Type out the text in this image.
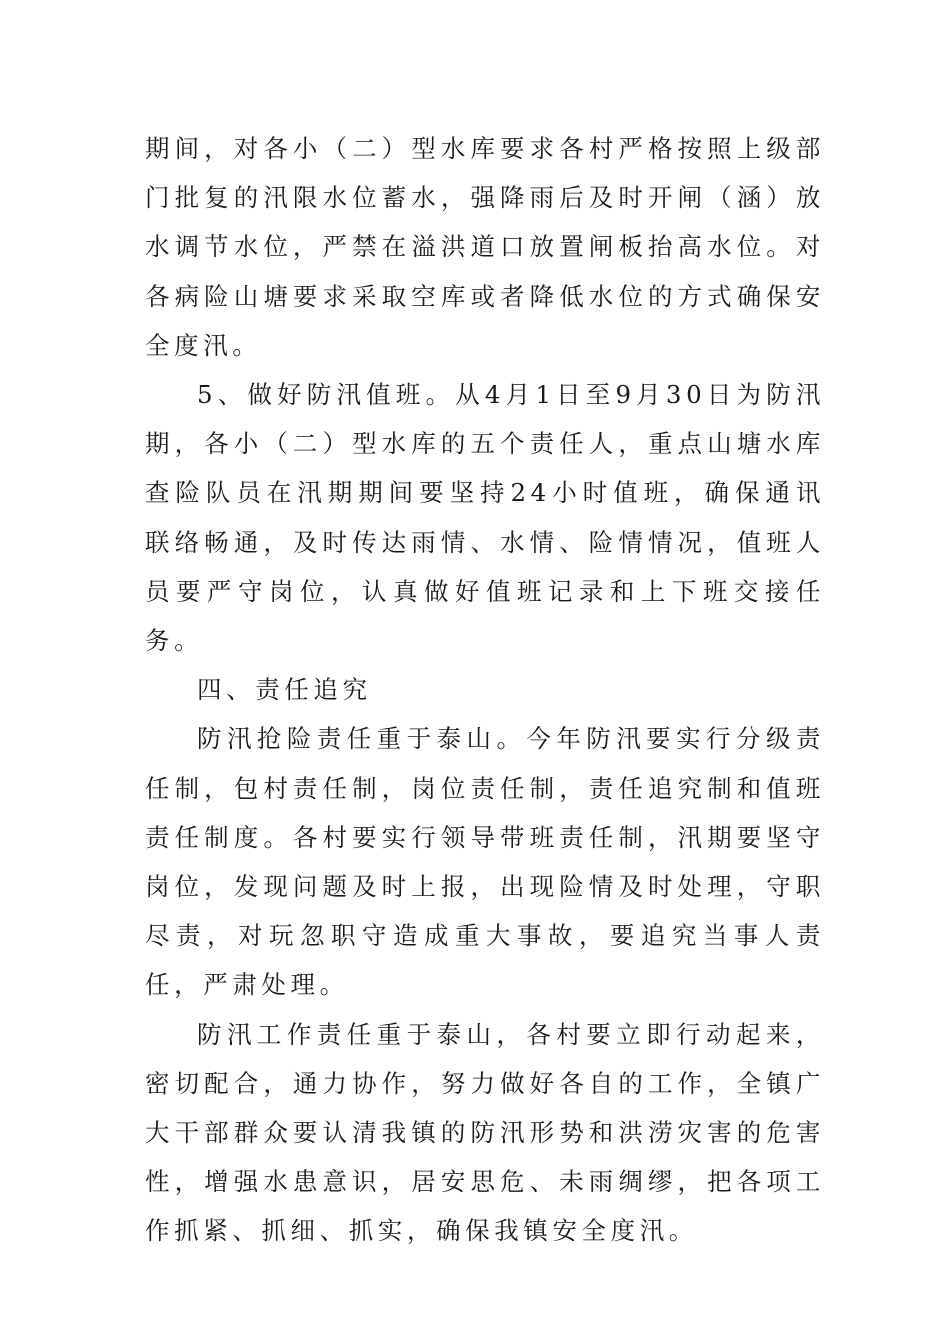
期间，对各小（二）型水库要求各村严格按照上级部门批复的汛限水位蓄水，强降雨后及时开闸（涵）放水调节水位，严禁在溢洪道口放置闸板抬高水位。对各病险山塘要求采取空库或者降低水位的方式确保安全度汛。

5、做好防汛值班。从4月1日至9月30日为防汛期，各小（二）型水库的五个责任人，重点山塘水库查险队员在汛期期间要坚持24小时值班，确保通讯联络畅通，及时传达雨情、水情、险情情况，值班人员要严守岗位，认真做好值班记录和上下班交接任务。

四、责任追究

防汛抢险责任重于泰山。今年防汛要实行分级责任制，包村责任制，岗位责任制，责任追究制和值班责任制度。各村要实行领导带班责任制，汛期要坚守岗位，发现问题及时上报，出现险情及时处理，守职尽责，对玩忽职守造成重大事故，要追究当事人责任，严肃处理。

防汛工作责任重于泰山，各村要立即行动起来，密切配合，通力协作，努力做好各自的工作，全镇广大干部群众要认清我镇的防汛形势和洪涝灾害的危害性，增强水患意识，居安思危、未雨绸缪，把各项工作抓紧、抓细、抓实，确保我镇安全度汛。
